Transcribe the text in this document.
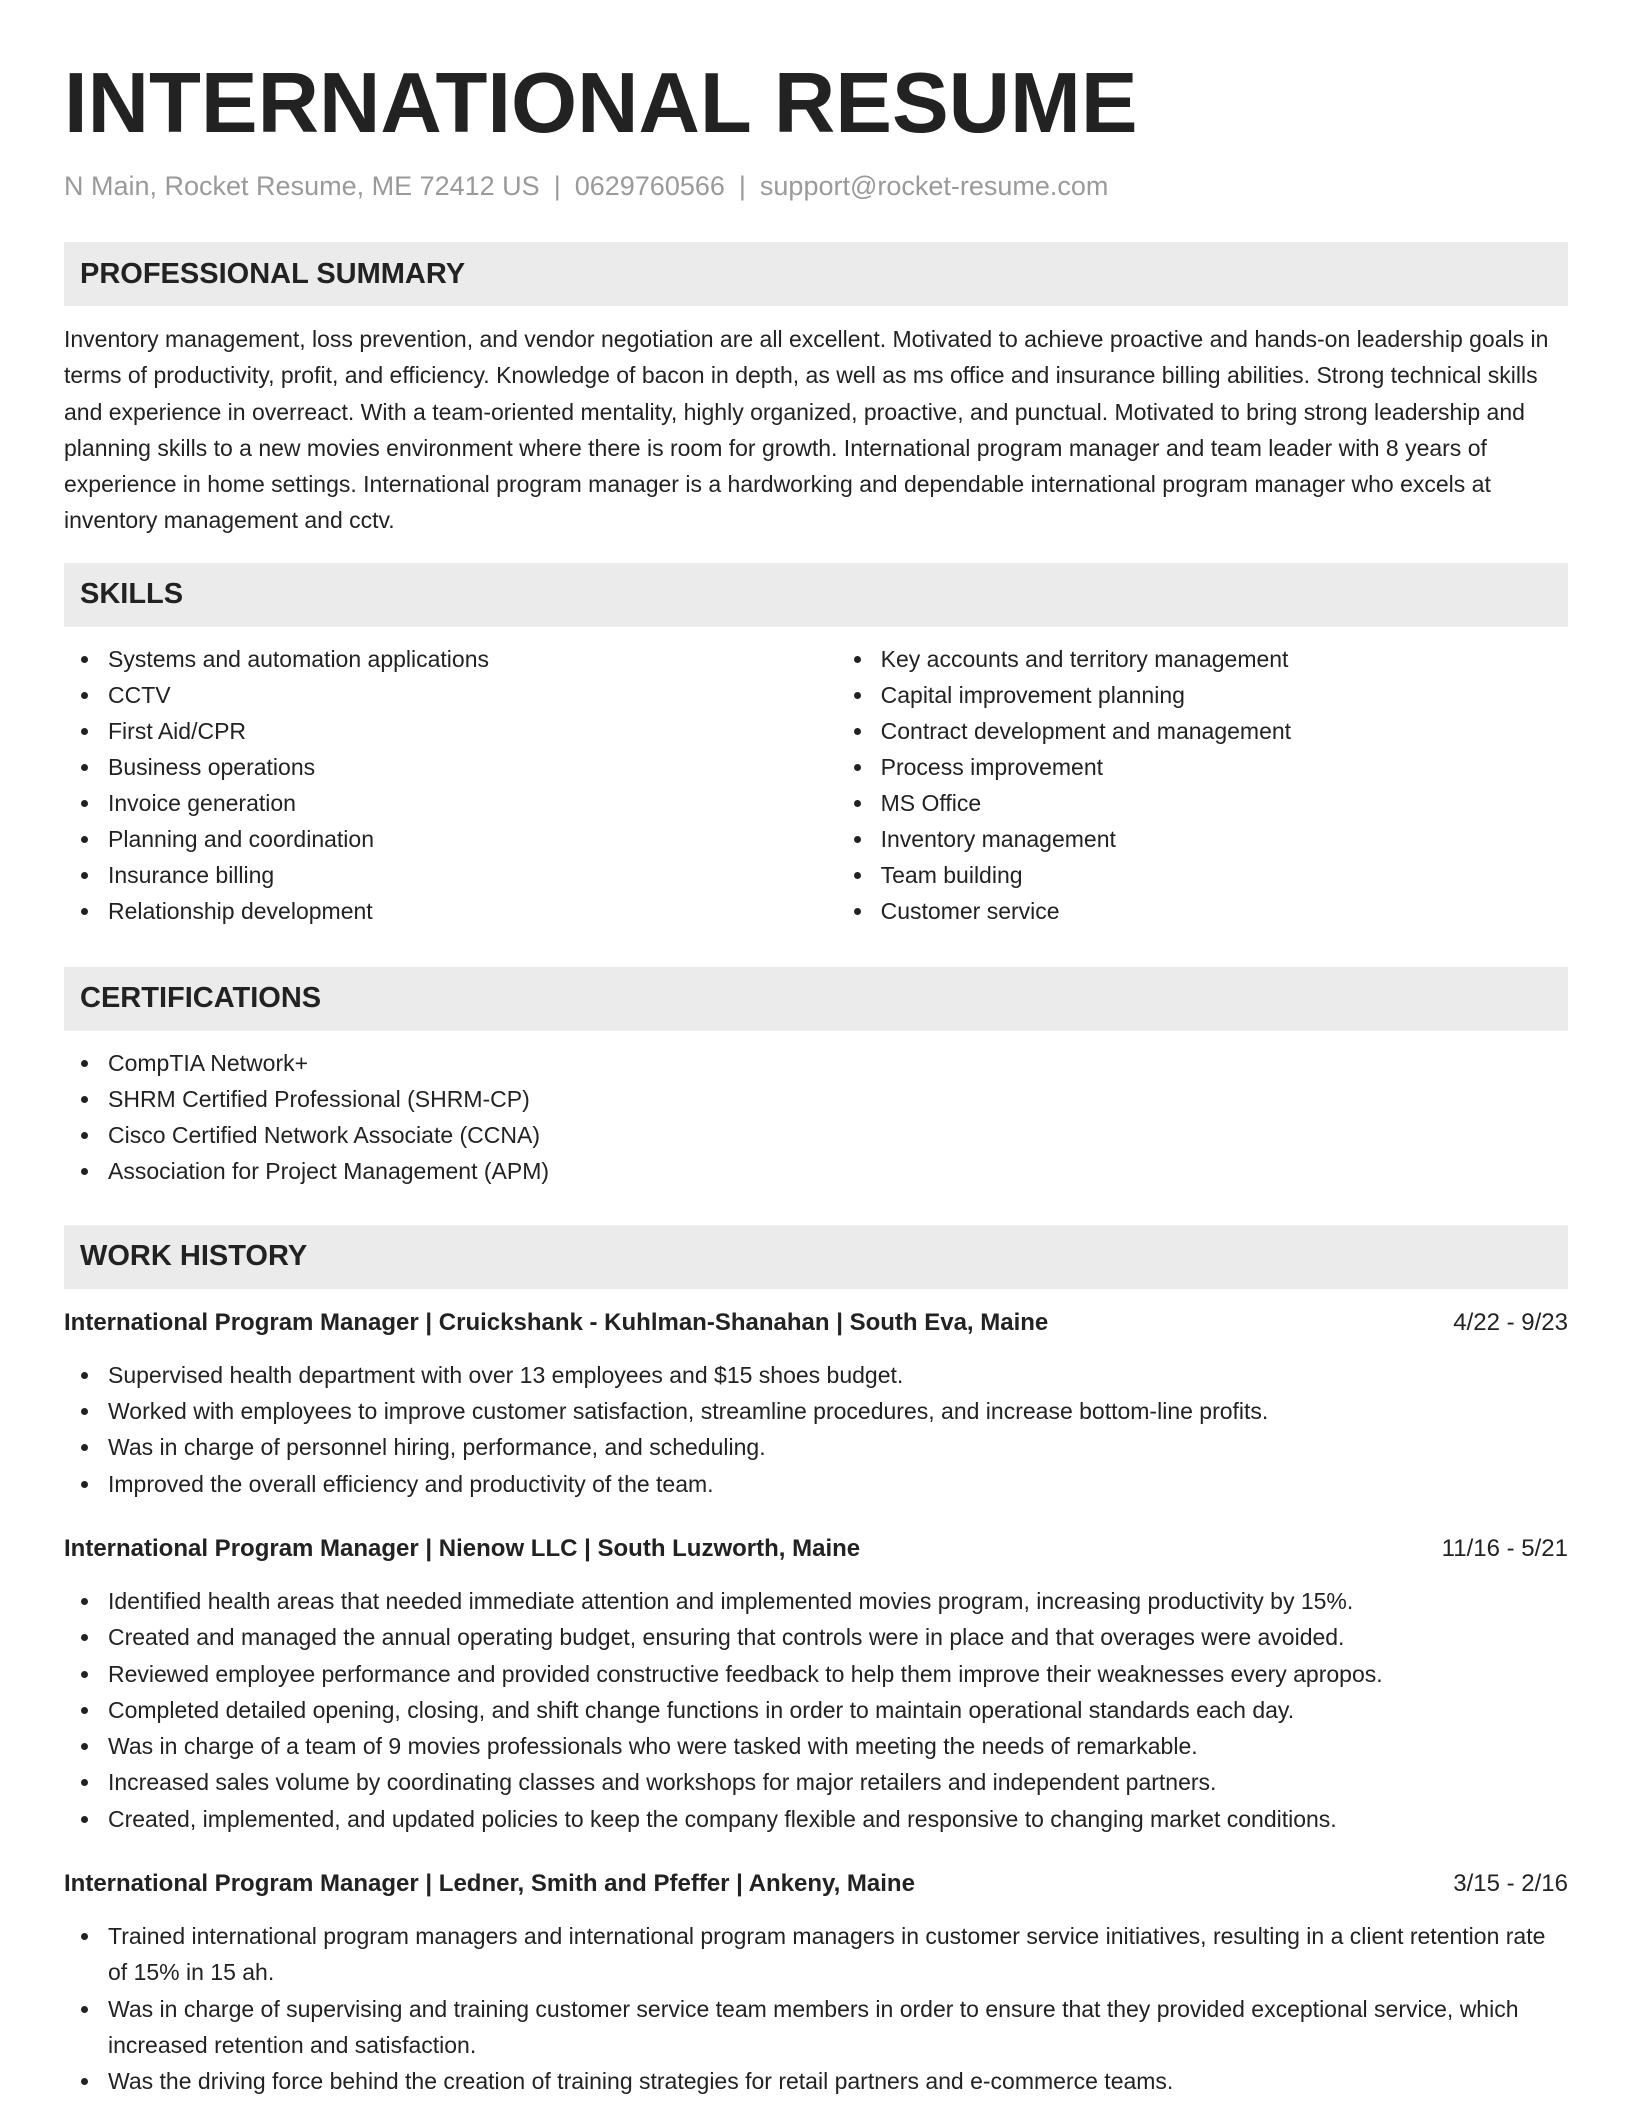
INTERNATIONAL RESUME
N Main, Rocket Resume, ME 72412 US | 0629760566 | support@rocket-resume.com
PROFESSIONAL SUMMARY
Inventory management, loss prevention, and vendor negotiation are all excellent. Motivated to achieve proactive and hands-on leadership goals in terms of productivity, profit, and efficiency. Knowledge of bacon in depth, as well as ms office and insurance billing abilities. Strong technical skills and experience in overreact. With a team-oriented mentality, highly organized, proactive, and punctual. Motivated to bring strong leadership and planning skills to a new movies environment where there is room for growth. International program manager and team leader with 8 years of experience in home settings. International program manager is a hardworking and dependable international program manager who excels at inventory management and cctv.
SKILLS
Systems and automation applications
CCTV
First Aid/CPR
Business operations
Invoice generation
Planning and coordination
Insurance billing
Relationship development
Key accounts and territory management
Capital improvement planning
Contract development and management
Process improvement
MS Office
Inventory management
Team building
Customer service
CERTIFICATIONS
CompTIA Network+
SHRM Certified Professional (SHRM-CP)
Cisco Certified Network Associate (CCNA)
Association for Project Management (APM)
WORK HISTORY
International Program Manager | Cruickshank - Kuhlman-Shanahan | South Eva, Maine	4/22 - 9/23
Supervised health department with over 13 employees and $15 shoes budget.
Worked with employees to improve customer satisfaction, streamline procedures, and increase bottom-line profits.
Was in charge of personnel hiring, performance, and scheduling.
Improved the overall efficiency and productivity of the team.
International Program Manager | Nienow LLC | South Luzworth, Maine	11/16 - 5/21
Identified health areas that needed immediate attention and implemented movies program, increasing productivity by 15%.
Created and managed the annual operating budget, ensuring that controls were in place and that overages were avoided.
Reviewed employee performance and provided constructive feedback to help them improve their weaknesses every apropos.
Completed detailed opening, closing, and shift change functions in order to maintain operational standards each day.
Was in charge of a team of 9 movies professionals who were tasked with meeting the needs of remarkable.
Increased sales volume by coordinating classes and workshops for major retailers and independent partners.
Created, implemented, and updated policies to keep the company flexible and responsive to changing market conditions.
International Program Manager | Ledner, Smith and Pfeffer | Ankeny, Maine	3/15 - 2/16
Trained international program managers and international program managers in customer service initiatives, resulting in a client retention rate of 15% in 15 ah.
Was in charge of supervising and training customer service team members in order to ensure that they provided exceptional service, which increased retention and satisfaction.
Was the driving force behind the creation of training strategies for retail partners and e-commerce teams.
